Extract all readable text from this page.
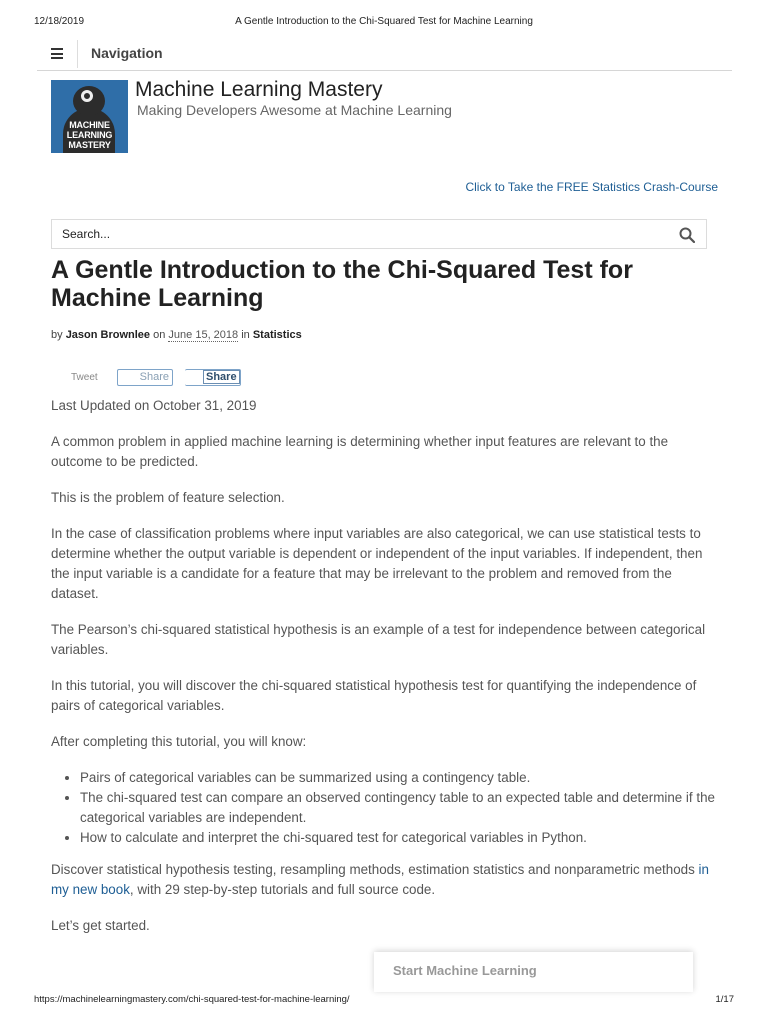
12/18/2019	A Gentle Introduction to the Chi-Squared Test for Machine Learning
Navigation
MACHINE
LEARNING
MASTERY
Machine Learning Mastery
Making Developers Awesome at Machine Learning
Click to Take the FREE Statistics Crash-Course
Search...
A Gentle Introduction to the Chi-Squared Test for Machine Learning
by Jason Brownlee on June 15, 2018 in Statistics
Tweet	Share	Share

Last Updated on October 31, 2019

A common problem in applied machine learning is determining whether input features are relevant to the outcome to be predicted.

This is the problem of feature selection.

In the case of classification problems where input variables are also categorical, we can use statistical tests to determine whether the output variable is dependent or independent of the input variables. If independent, then the input variable is a candidate for a feature that may be irrelevant to the problem and removed from the dataset.

The Pearson’s chi-squared statistical hypothesis is an example of a test for independence between categorical variables.

In this tutorial, you will discover the chi-squared statistical hypothesis test for quantifying the independence of pairs of categorical variables.

After completing this tutorial, you will know:

• Pairs of categorical variables can be summarized using a contingency table.
• The chi-squared test can compare an observed contingency table to an expected table and determine if the categorical variables are independent.
• How to calculate and interpret the chi-squared test for categorical variables in Python.

Discover statistical hypothesis testing, resampling methods, estimation statistics and nonparametric methods in my new book, with 29 step-by-step tutorials and full source code.

Let’s get started.

Start Machine Learning
https://machinelearningmastery.com/chi-squared-test-for-machine-learning/	1/17
